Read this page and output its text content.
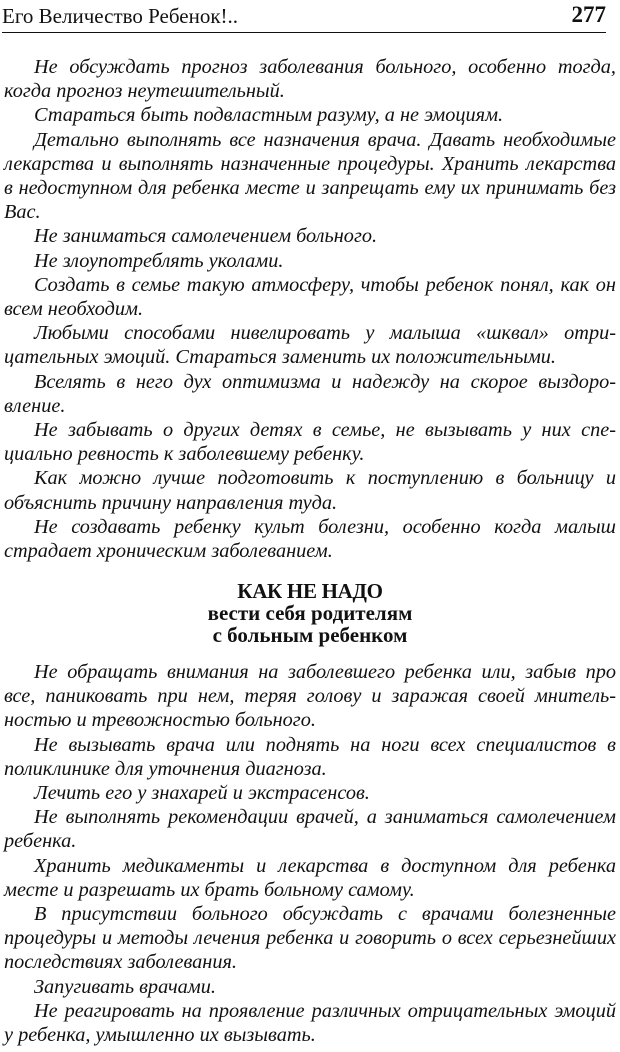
Его Величество Ребенок!..	277

Не обсуждать прогноз заболевания больного, особенно тогда, когда прогноз неутешительный.

Стараться быть подвластным разуму, а не эмоциям.

Детально выполнять все назначения врача. Давать необходимые лекарства и выполнять назначенные процедуры. Хранить лекарства в недоступном для ребенка месте и запрещать ему их принимать без Вас.

Не заниматься самолечением больного.

Не злоупотреблять уколами.

Создать в семье такую атмосферу, чтобы ребенок понял, как он всем необходим.

Любыми способами нивелировать у малыша «шквал» отрицательных эмоций. Стараться заменить их положительными.

Вселять в него дух оптимизма и надежду на скорое выздоровление.

Не забывать о других детях в семье, не вызывать у них специально ревность к заболевшему ребенку.

Как можно лучше подготовить к поступлению в больницу и объяснить причину направления туда.

Не создавать ребенку культ болезни, особенно когда малыш страдает хроническим заболеванием.

КАК НЕ НАДО
вести себя родителям
с больным ребенком

Не обращать внимания на заболевшего ребенка или, забыв про все, паниковать при нем, теряя голову и заражая своей мнительностью и тревожностью больного.

Не вызывать врача или поднять на ноги всех специалистов в поликлинике для уточнения диагноза.

Лечить его у знахарей и экстрасенсов.

Не выполнять рекомендации врачей, а заниматься самолечением ребенка.

Хранить медикаменты и лекарства в доступном для ребенка месте и разрешать их брать больному самому.

В присутствии больного обсуждать с врачами болезненные процедуры и методы лечения ребенка и говорить о всех серьезнейших последствиях заболевания.

Запугивать врачами.

Не реагировать на проявление различных отрицательных эмоций у ребенка, умышленно их вызывать.
